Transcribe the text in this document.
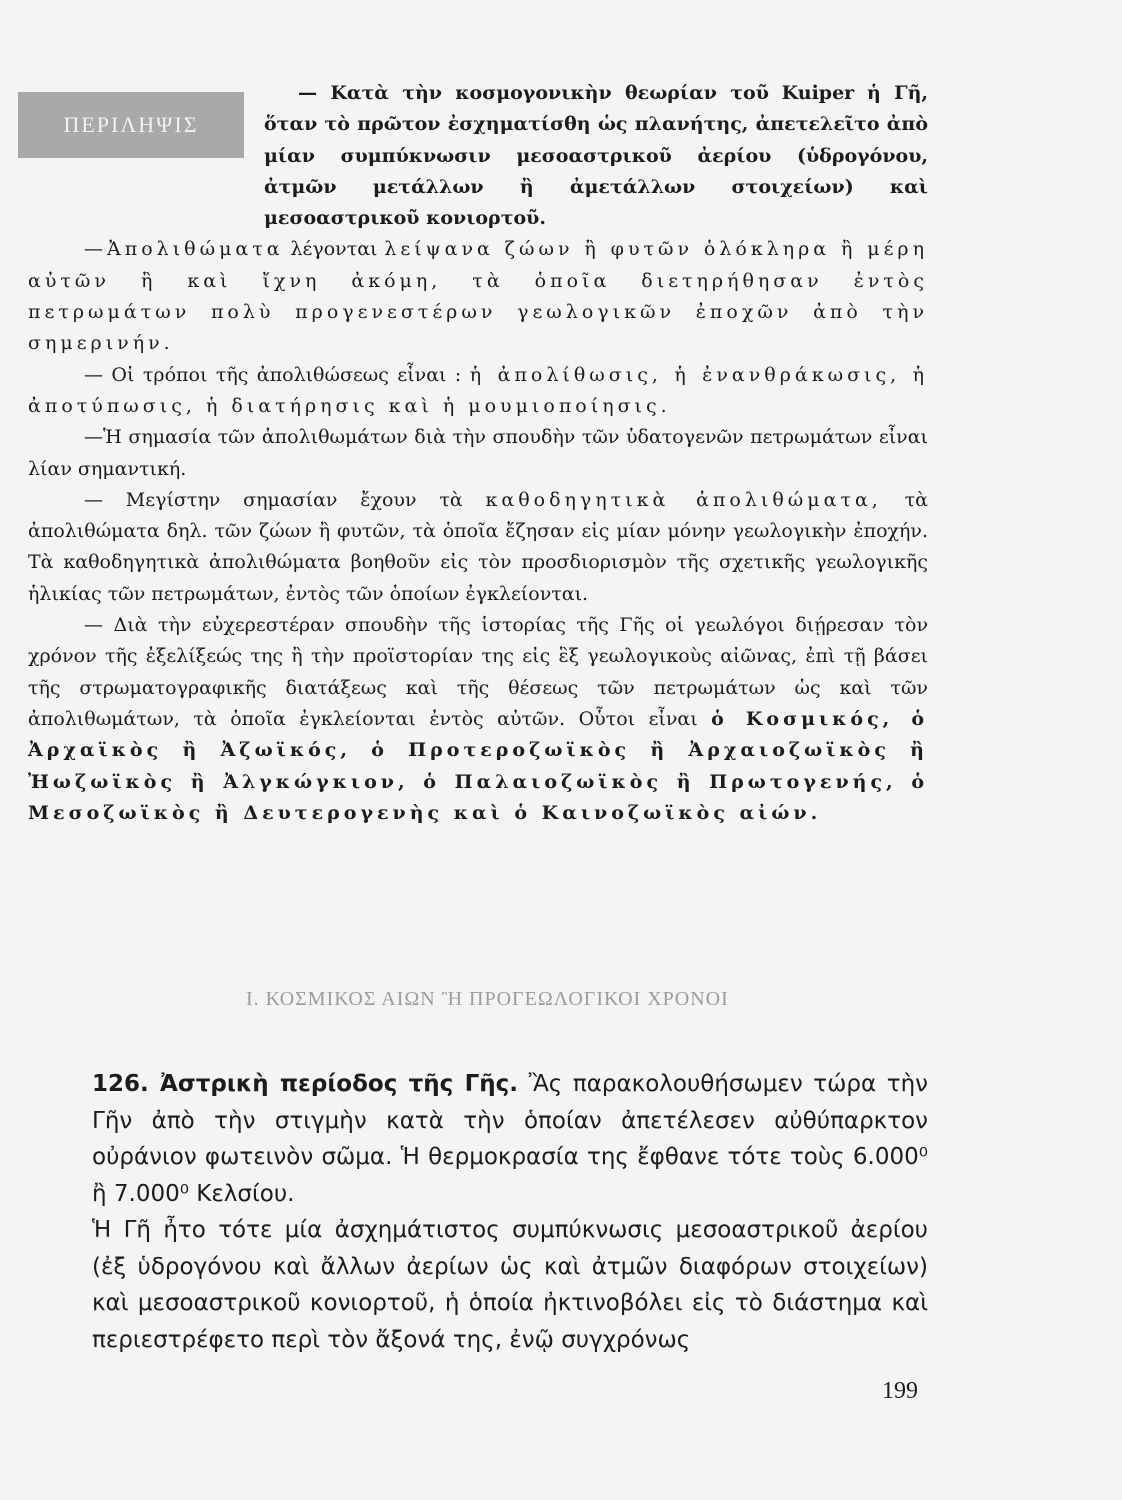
ΠΕΡΙΛΗΨΙΣ

— Κατὰ τὴν κοσμογονικὴν θεωρίαν τοῦ Kuiper ἡ Γῆ, ὅταν τὸ πρῶτον ἐσχηματίσθη ὡς πλανήτης, ἀπετελεῖτο ἀπὸ μίαν συμπύκνωσιν μεσοαστρικοῦ ἀερίου (ὑδρογόνου, ἀτμῶν μετάλλων ἢ ἀμετάλλων στοιχείων) καὶ μεσοαστρικοῦ κονιορτοῦ.

—Ἀπολιθώματα λέγονται λείψανα ζώων ἢ φυτῶν ὁλόκληρα ἢ μέρη αὐτῶν ἢ καὶ ἴχνη ἀκόμη, τὰ ὁποῖα διετηρήθησαν ἐντὸς πετρωμάτων πολὺ προγενεστέρων γεωλογικῶν ἐποχῶν ἀπὸ τὴν σημερινήν.

— Οἱ τρόποι τῆς ἀπολιθώσεως εἶναι : ἡ ἀπολίθωσις, ἡ ἐνανθράκωσις, ἡ ἀποτύπωσις, ἡ διατήρησις καὶ ἡ μουμιοποίησις.

—Ἡ σημασία τῶν ἀπολιθωμάτων διὰ τὴν σπουδὴν τῶν ὑδατογενῶν πετρωμάτων εἶναι λίαν σημαντική.

— Μεγίστην σημασίαν ἔχουν τὰ καθοδηγητικὰ ἀπολιθώματα, τὰ ἀπολιθώματα δηλ. τῶν ζώων ἢ φυτῶν, τὰ ὁποῖα ἔζησαν εἰς μίαν μόνην γεωλογικὴν ἐποχήν. Τὰ καθοδηγητικὰ ἀπολιθώματα βοηθοῦν εἰς τὸν προσδιορισμὸν τῆς σχετικῆς γεωλογικῆς ἡλικίας τῶν πετρωμάτων, ἐντὸς τῶν ὁποίων ἐγκλείονται.

— Διὰ τὴν εὐχερεστέραν σπουδὴν τῆς ἱστορίας τῆς Γῆς οἱ γεωλόγοι διῄρεσαν τὸν χρόνον τῆς ἐξελίξεώς της ἢ τὴν προϊστορίαν της εἰς ἓξ γεωλογικοὺς αἰῶνας, ἐπὶ τῇ βάσει τῆς στρωματογραφικῆς διατάξεως καὶ τῆς θέσεως τῶν πετρωμάτων ὡς καὶ τῶν ἀπολιθωμάτων, τὰ ὁποῖα ἐγκλείονται ἐντὸς αὐτῶν. Οὗτοι εἶναι ὁ Κοσμικός, ὁ Ἀρχαϊκὸς ἢ Ἀζωϊκός, ὁ Προτεροζωϊκὸς ἢ Ἀρχαιοζωϊκὸς ἢ Ἠωζωϊκὸς ἢ Ἀλγκώγκιον, ὁ Παλαιοζωϊκὸς ἢ Πρωτογενής, ὁ Μεσοζωϊκὸς ἢ Δευτερογενὴς καὶ ὁ Καινοζωϊκὸς αἰών.

Ι. ΚΟΣΜΙΚΟΣ ΑΙΩΝ Ἢ ΠΡΟΓΕΩΛΟΓΙΚΟΙ ΧΡΟΝΟΙ

126. Ἀστρικὴ περίοδος τῆς Γῆς. Ἂς παρακολουθήσωμεν τώρα τὴν Γῆν ἀπὸ τὴν στιγμὴν κατὰ τὴν ὁποίαν ἀπετέλεσεν αὐθύπαρκτον οὐράνιον φωτεινὸν σῶμα. Ἡ θερμοκρασία της ἔφθανε τότε τοὺς 6.000⁰ ἢ 7.000⁰ Κελσίου.

Ἡ Γῆ ἦτο τότε μία ἀσχημάτιστος συμπύκνωσις μεσοαστρικοῦ ἀερίου (ἐξ ὑδρογόνου καὶ ἄλλων ἀερίων ὡς καὶ ἀτμῶν διαφόρων στοιχείων) καὶ μεσοαστρικοῦ κονιορτοῦ, ἡ ὁποία ἠκτινοβόλει εἰς τὸ διάστημα καὶ περιεστρέφετο περὶ τὸν ἄξονά της, ἐνῷ συγχρόνως

199
